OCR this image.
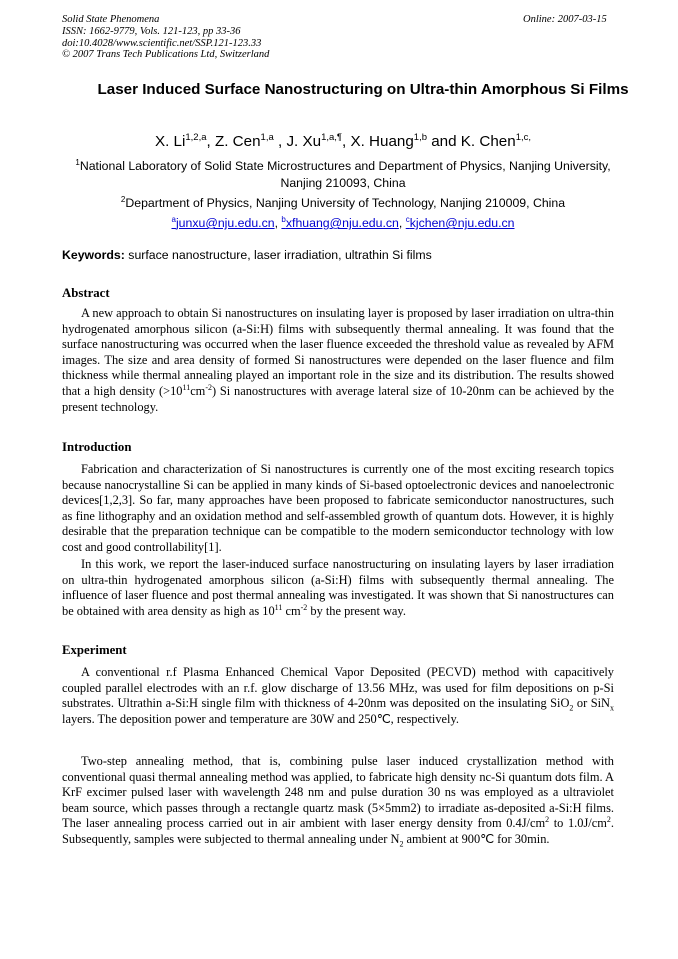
Solid State Phenomena
ISSN: 1662-9779, Vols. 121-123, pp 33-36
doi:10.4028/www.scientific.net/SSP.121-123.33
© 2007 Trans Tech Publications Ltd, Switzerland
Online: 2007-03-15
Laser Induced Surface Nanostructuring on Ultra-thin Amorphous Si Films
X. Li$^{1,2,a}$, Z. Cen$^{1,a}$ , J. $Xu^{1,a,\P}$, X. Huang$^{1,b}$ and K. Chen$^{1,c,}$
$^1$National Laboratory of Solid State Microstructures and Department of Physics, Nanjing University, Nanjing 210093, China
$^2$Department of Physics, Nanjing University of Technology, Nanjing 210009, China
$^a$junxu@nju.edu.cn, $^b$xfhuang@nju.edu.cn, $^c$kjchen@nju.edu.cn
Keywords: surface nanostructure, laser irradiation, ultrathin Si films
Abstract
A new approach to obtain Si nanostructures on insulating layer is proposed by laser irradiation on ultra-thin hydrogenated amorphous silicon (a-Si:H) films with subsequently thermal annealing. It was found that the surface nanostructuring was occurred when the laser fluence exceeded the threshold value as revealed by AFM images. The size and area density of formed Si nanostructures were depended on the laser fluence and film thickness while thermal annealing played an important role in the size and its distribution. The results showed that a high density $(>10^{11}cm^{-2})$ Si nanostructures with average lateral size of 10-20nm can be achieved by the present technology.
Introduction
Fabrication and characterization of Si nanostructures is currently one of the most exciting research topics because nanocrystalline Si can be applied in many kinds of Si-based optoelectronic devices and nanoelectronic devices[1,2,3]. So far, many approaches have been proposed to fabricate semiconductor nanostructures, such as fine lithography and an oxidation method and self-assembled growth of quantum dots. However, it is highly desirable that the preparation technique can be compatible to the modern semiconductor technology with low cost and good controllability[1].
In this work, we report the laser-induced surface nanostructuring on insulating layers by laser irradiation on ultra-thin hydrogenated amorphous silicon (a-Si:H) films with subsequently thermal annealing. The influence of laser fluence and post thermal annealing was investigated. It was shown that Si nanostructures can be obtained with area density as high as $10^{11}$ $cm^{-2}$ by the present way.
Experiment
A conventional r.f Plasma Enhanced Chemical Vapor Deposited (PECVD) method with capacitively coupled parallel electrodes with an r.f. glow discharge of 13.56 MHz, was used for film depositions on p-Si substrates. Ultrathin a-Si:H single film with thickness of 4-20nm was deposited on the insulating SiO$_2$ or SiN$_x$ layers. The deposition power and temperature are 30W and 250℃, respectively.
Two-step annealing method, that is, combining pulse laser induced crystallization method with conventional quasi thermal annealing method was applied, to fabricate high density nc-Si quantum dots film. A KrF excimer pulsed laser with wavelength 248 nm and pulse duration 30 ns was employed as a ultraviolet beam source, which passes through a rectangle quartz mask (5×5mm2) to irradiate as-deposited a-Si:H films. The laser annealing process carried out in air ambient with laser energy density from $0.4J/cm^2$ to $1.0J/cm^2$. Subsequently, samples were subjected to thermal annealing under $N_2$ ambient at 900℃ for 30min.
